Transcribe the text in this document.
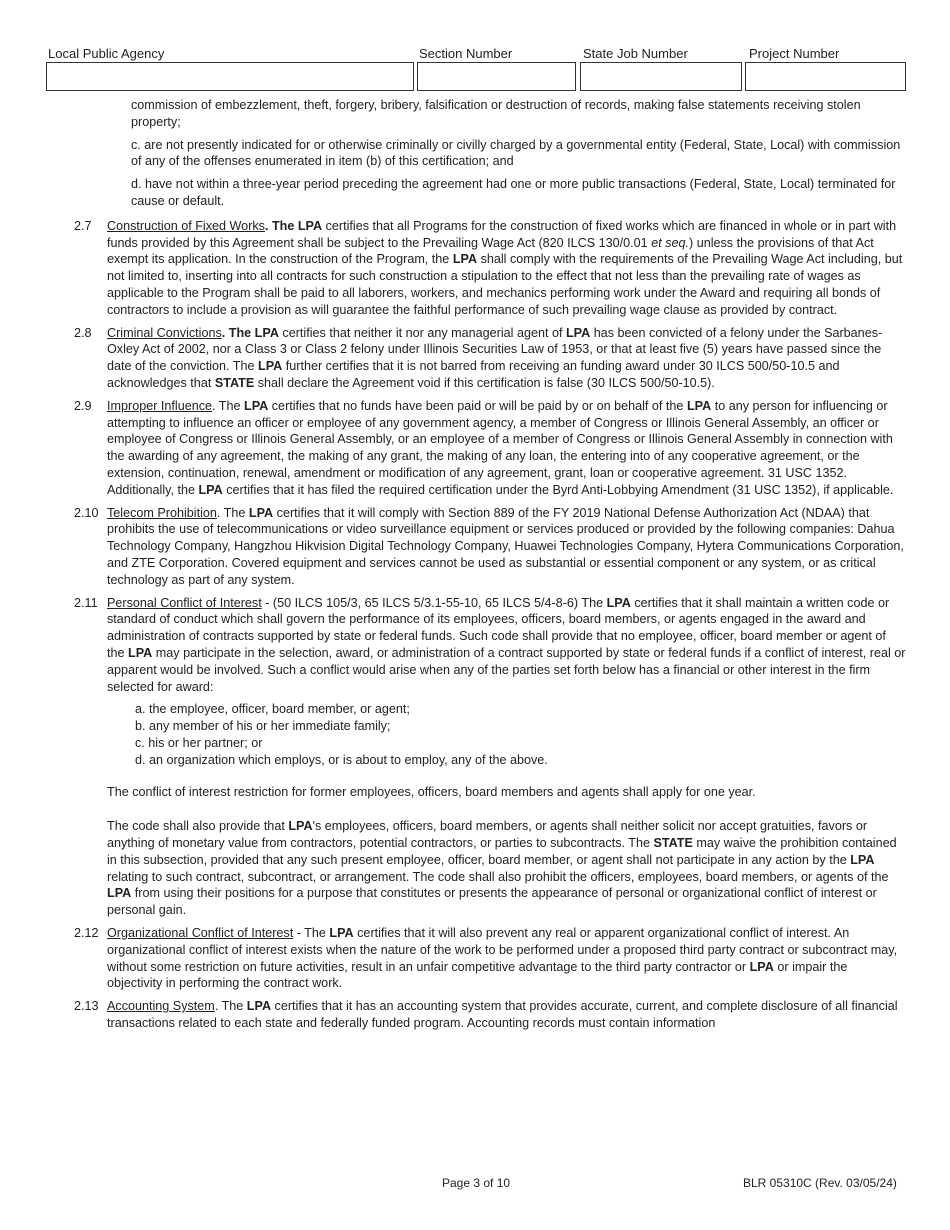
Local Public Agency	Section Number	State Job Number	Project Number

commission of embezzlement, theft, forgery, bribery, falsification or destruction of records, making false statements receiving stolen property;

c. are not presently indicated for or otherwise criminally or civilly charged by a governmental entity (Federal, State, Local) with commission of any of the offenses enumerated in item (b) of this certification; and

d. have not within a three-year period preceding the agreement had one or more public transactions (Federal, State, Local) terminated for cause or default.

2.7	Construction of Fixed Works. The LPA certifies that all Programs for the construction of fixed works which are financed in whole or in part with funds provided by this Agreement shall be subject to the Prevailing Wage Act (820 ILCS 130/0.01 et seq.) unless the provisions of that Act exempt its application. In the construction of the Program, the LPA shall comply with the requirements of the Prevailing Wage Act including, but not limited to, inserting into all contracts for such construction a stipulation to the effect that not less than the prevailing rate of wages as applicable to the Program shall be paid to all laborers, workers, and mechanics performing work under the Award and requiring all bonds of contractors to include a provision as will guarantee the faithful performance of such prevailing wage clause as provided by contract.
2.8	Criminal Convictions. The LPA certifies that neither it nor any managerial agent of LPA has been convicted of a felony under the Sarbanes-Oxley Act of 2002, nor a Class 3 or Class 2 felony under Illinois Securities Law of 1953, or that at least five (5) years have passed since the date of the conviction. The LPA further certifies that it is not barred from receiving an funding award under 30 ILCS 500/50-10.5 and acknowledges that STATE shall declare the Agreement void if this certification is false (30 ILCS 500/50-10.5).
2.9	Improper Influence. The LPA certifies that no funds have been paid or will be paid by or on behalf of the LPA to any person for influencing or attempting to influence an officer or employee of any government agency, a member of Congress or Illinois General Assembly, an officer or employee of Congress or Illinois General Assembly, or an employee of a member of Congress or Illinois General Assembly in connection with the awarding of any agreement, the making of any grant, the making of any loan, the entering into of any cooperative agreement, or the extension, continuation, renewal, amendment or modification of any agreement, grant, loan or cooperative agreement. 31 USC 1352. Additionally, the LPA certifies that it has filed the required certification under the Byrd Anti-Lobbying Amendment (31 USC 1352), if applicable.
2.10 Telecom Prohibition. The LPA certifies that it will comply with Section 889 of the FY 2019 National Defense Authorization Act (NDAA) that prohibits the use of telecommunications or video surveillance equipment or services produced or provided by the following companies: Dahua Technology Company, Hangzhou Hikvision Digital Technology Company, Huawei Technologies Company, Hytera Communications Corporation, and ZTE Corporation. Covered equipment and services cannot be used as substantial or essential component or any system, or as critical technology as part of any system.
2.11 Personal Conflict of Interest - (50 ILCS 105/3, 65 ILCS 5/3.1-55-10, 65 ILCS 5/4-8-6) The LPA certifies that it shall maintain a written code or standard of conduct which shall govern the performance of its employees, officers, board members, or agents engaged in the award and administration of contracts supported by state or federal funds. Such code shall provide that no employee, officer, board member or agent of the LPA may participate in the selection, award, or administration of a contract supported by state or federal funds if a conflict of interest, real or apparent would be involved. Such a conflict would arise when any of the parties set forth below has a financial or other interest in the firm selected for award:
a. the employee, officer, board member, or agent;
b. any member of his or her immediate family;
c. his or her partner; or
d. an organization which employs, or is about to employ, any of the above.

The conflict of interest restriction for former employees, officers, board members and agents shall apply for one year.

The code shall also provide that LPA's employees, officers, board members, or agents shall neither solicit nor accept gratuities, favors or anything of monetary value from contractors, potential contractors, or parties to subcontracts. The STATE may waive the prohibition contained in this subsection, provided that any such present employee, officer, board member, or agent shall not participate in any action by the LPA relating to such contract, subcontract, or arrangement. The code shall also prohibit the officers, employees, board members, or agents of the LPA from using their positions for a purpose that constitutes or presents the appearance of personal or organizational conflict of interest or personal gain.

2.12 Organizational Conflict of Interest - The LPA certifies that it will also prevent any real or apparent organizational conflict of interest. An organizational conflict of interest exists when the nature of the work to be performed under a proposed third party contract or subcontract may, without some restriction on future activities, result in an unfair competitive advantage to the third party contractor or LPA or impair the objectivity in performing the contract work.
2.13 Accounting System. The LPA certifies that it has an accounting system that provides accurate, current, and complete disclosure of all financial transactions related to each state and federally funded program. Accounting records must contain information
Page 3 of 10	BLR 05310C (Rev. 03/05/24)
